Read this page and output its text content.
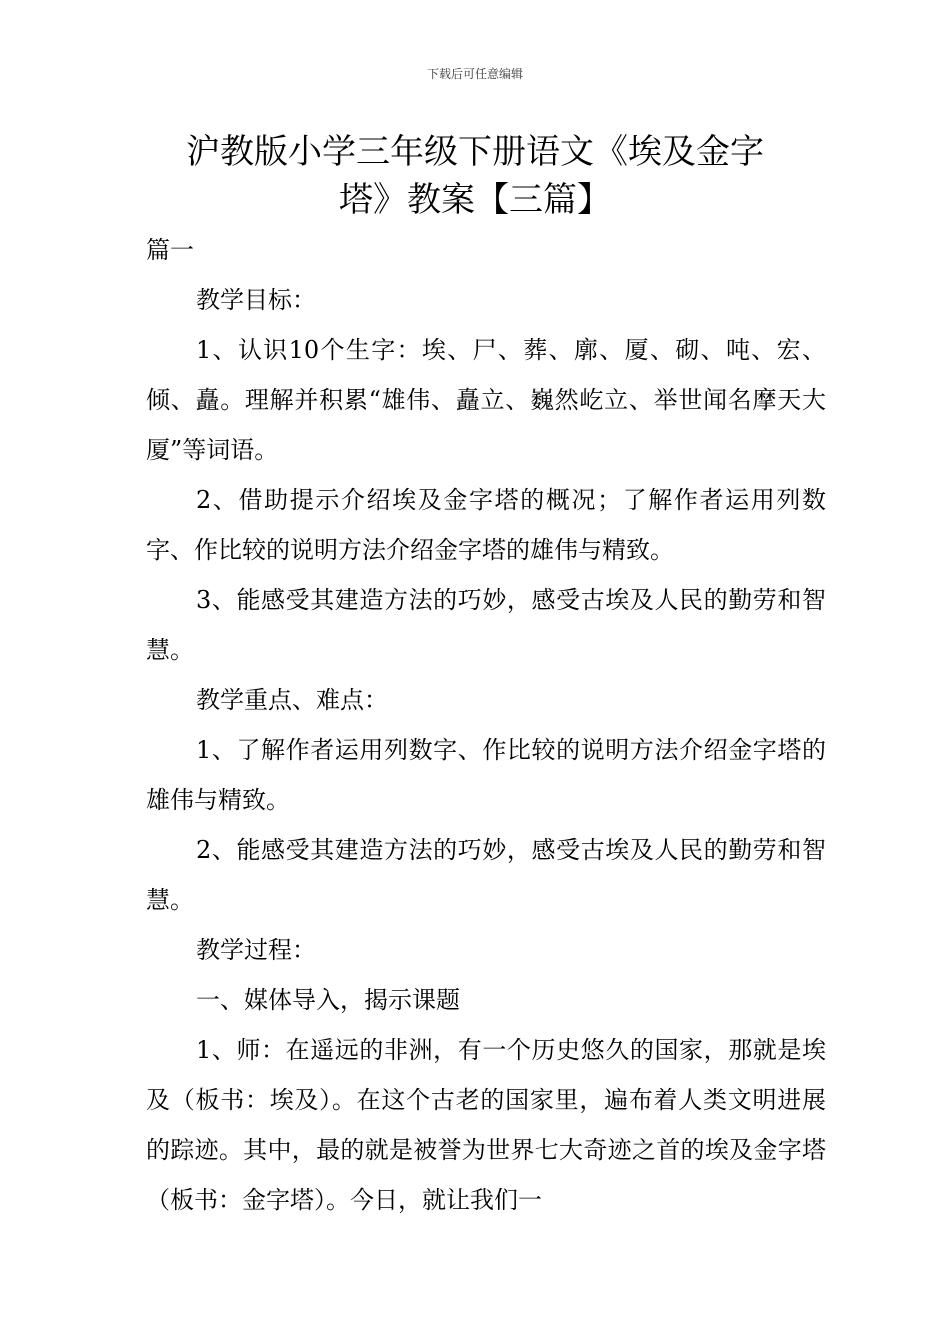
下载后可任意编辑
沪教版小学三年级下册语文《埃及金字
塔》教案【三篇】

篇一

教学目标：

1、认识10个生字：埃、尸、葬、廓、厦、砌、吨、宏、倾、矗。理解并积累“雄伟、矗立、巍然屹立、举世闻名摩天大厦”等词语。

2、借助提示介绍埃及金字塔的概况；了解作者运用列数字、作比较的说明方法介绍金字塔的雄伟与精致。

3、能感受其建造方法的巧妙，感受古埃及人民的勤劳和智慧。

教学重点、难点：

1、了解作者运用列数字、作比较的说明方法介绍金字塔的雄伟与精致。

2、能感受其建造方法的巧妙，感受古埃及人民的勤劳和智慧。

教学过程：

一、媒体导入，揭示课题

1、师：在遥远的非洲，有一个历史悠久的国家，那就是埃及（板书：埃及）。在这个古老的国家里，遍布着人类文明进展的踪迹。其中，最的就是被誉为世界七大奇迹之首的埃及金字塔（板书：金字塔）。今日，就让我们一
